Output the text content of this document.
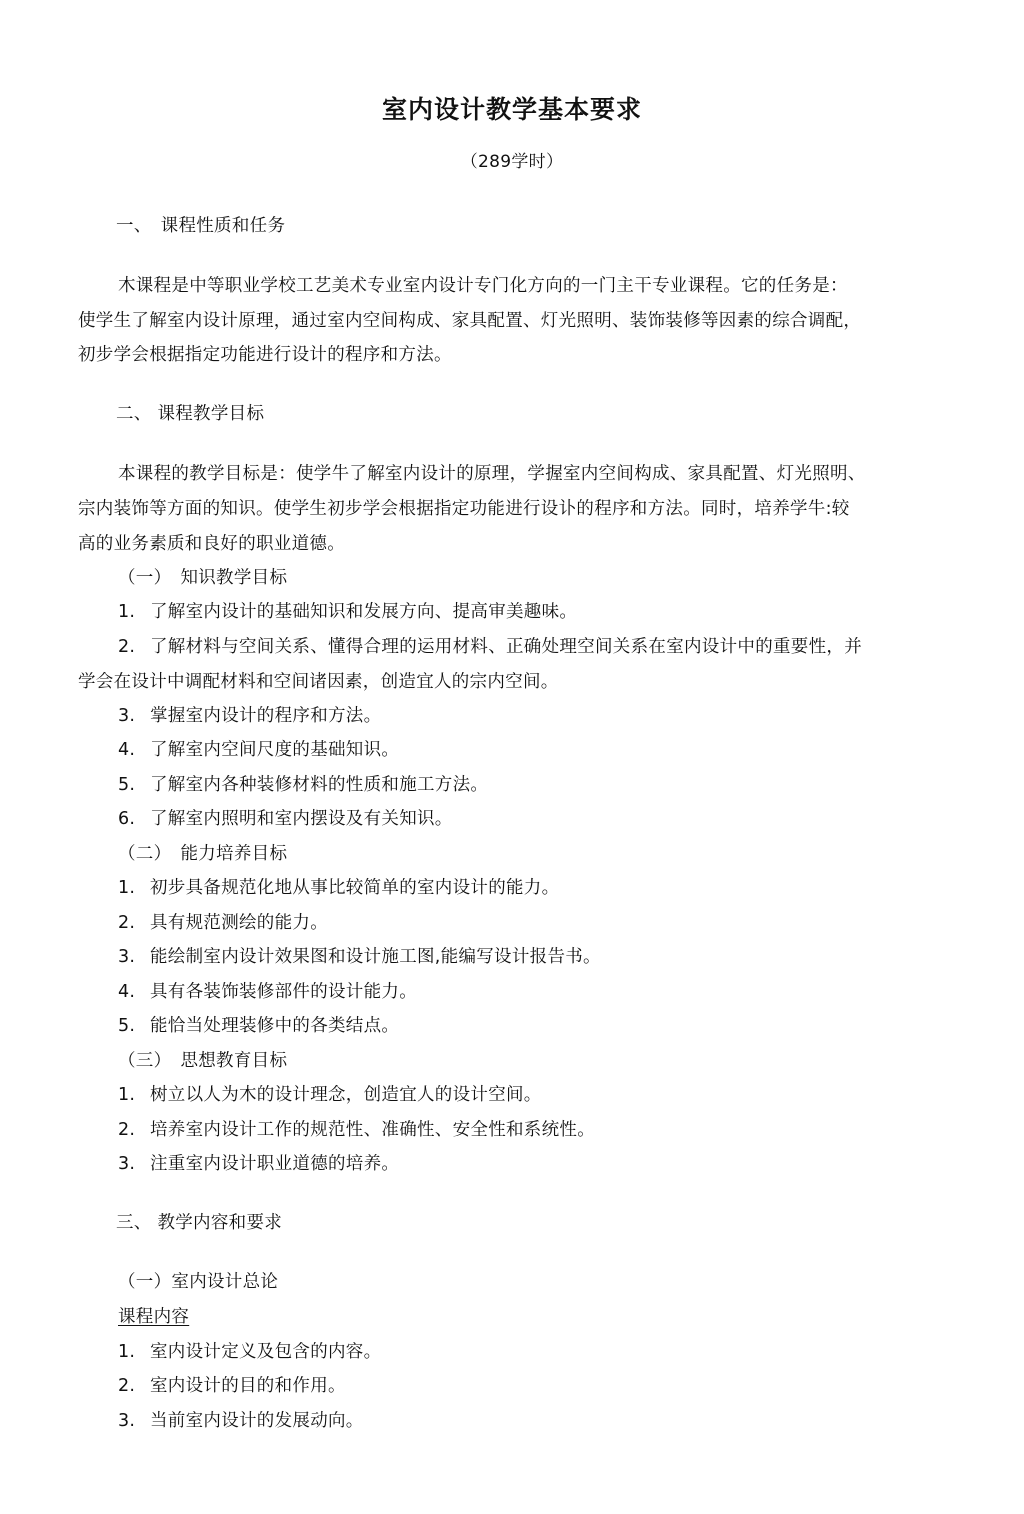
室内设计教学基本要求

（289学时）

一、　课程性质和任务

木课程是中等职业学校工艺美术专业室内设计专门化方向的一门主干专业课程。它的任务是：

使学生了解室内设计原理，通过室内空间构成、家具配置、灯光照明、装饰装修等因素的综合调配，

初步学会根据指定功能进行设计的程序和方法。

二、 课程教学目标

本课程的教学目标是：使学牛了解室内设计的原理，学握室内空间构成、家具配置、灯光照明、

宗内装饰等方面的知识。使学生初步学会根据指定功能进行设讣的程序和方法。同时，培养学牛:较

高的业务素质和良好的职业道德。

（一）　知识教学目标

1. 了解室内设计的基础知识和发展方向、提高审美趣味。
2. 了解材料与空间关系、懂得合理的运用材料、正确处理空间关系在室内设计中的重要性，并

学会在设计中调配材料和空间诸因素，创造宜人的宗内空间。

3. 掌握室内设计的程序和方法。
4. 了解室内空间尺度的基础知识。
5. 了解室内各种装修材料的性质和施工方法。
6. 了解室内照明和室内摆设及有关知识。

（二）　能力培养目标

1. 初步具备规范化地从事比较简单的室内设计的能力。
2. 具有规范测绘的能力。
3. 能绘制室内设计效果图和设计施工图,能编写设计报告书。
4. 具有各装饰装修部件的设计能力。
5. 能恰当处理装修中的各类结点。

（三）　思想教育目标

1. 树立以人为木的设计理念，创造宜人的设计空间。
2. 培养室内设计工作的规范性、准确性、安全性和系统性。
3. 注重室内设计职业道德的培养。

三、 教学内容和要求

（一）室内设计总论

课程内容

1. 室内设计定义及包含的内容。
2. 室内设计的目的和作用。
3. 当前室内设计的发展动向。
